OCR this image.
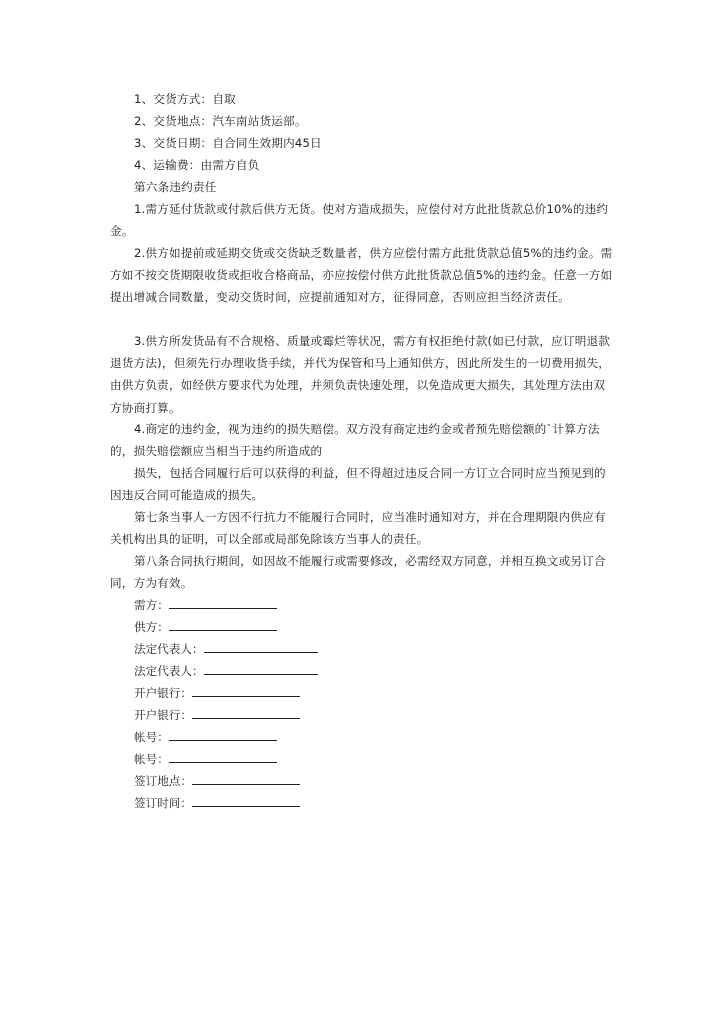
1、交货方式：自取
2、交货地点：汽车南站货运部。
3、交货日期：自合同生效期内45日
4、运输费：由需方自负
第六条违约责任
1.需方延付货款或付款后供方无货。使对方造成损失，应偿付对方此批货款总价10%的违约金。
2.供方如提前或延期交货或交货缺乏数量者，供方应偿付需方此批货款总值5%的违约金。需方如不按交货期限收货或拒收合格商品，亦应按偿付供方此批货款总值5%的违约金。任意一方如提出增减合同数量，变动交货时间，应提前通知对方，征得同意，否则应担当经济责任。
3.供方所发货品有不合规格、质量或霉烂等状况，需方有权拒绝付款(如已付款，应订明退款退货方法)，但须先行办理收货手续，并代为保管和马上通知供方，因此所发生的一切费用损失，由供方负责，如经供方要求代为处理，并须负责快速处理，以免造成更大损失，其处理方法由双方协商打算。
4.商定的违约金，视为违约的损失赔偿。双方没有商定违约金或者预先赔偿额的`计算方法的，损失赔偿额应当相当于违约所造成的
损失，包括合同履行后可以获得的利益，但不得超过违反合同一方订立合同时应当预见到的因违反合同可能造成的损失。
第七条当事人一方因不行抗力不能履行合同时，应当准时通知对方，并在合理期限内供应有关机构出具的证明，可以全部或局部免除该方当事人的责任。
第八条合同执行期间，如因故不能履行或需要修改，必需经双方同意，并相互换文或另订合同，方为有效。
需方：
供方：
法定代表人：
法定代表人：
开户银行：
开户银行：
帐号：
帐号：
签订地点：
签订时间：
